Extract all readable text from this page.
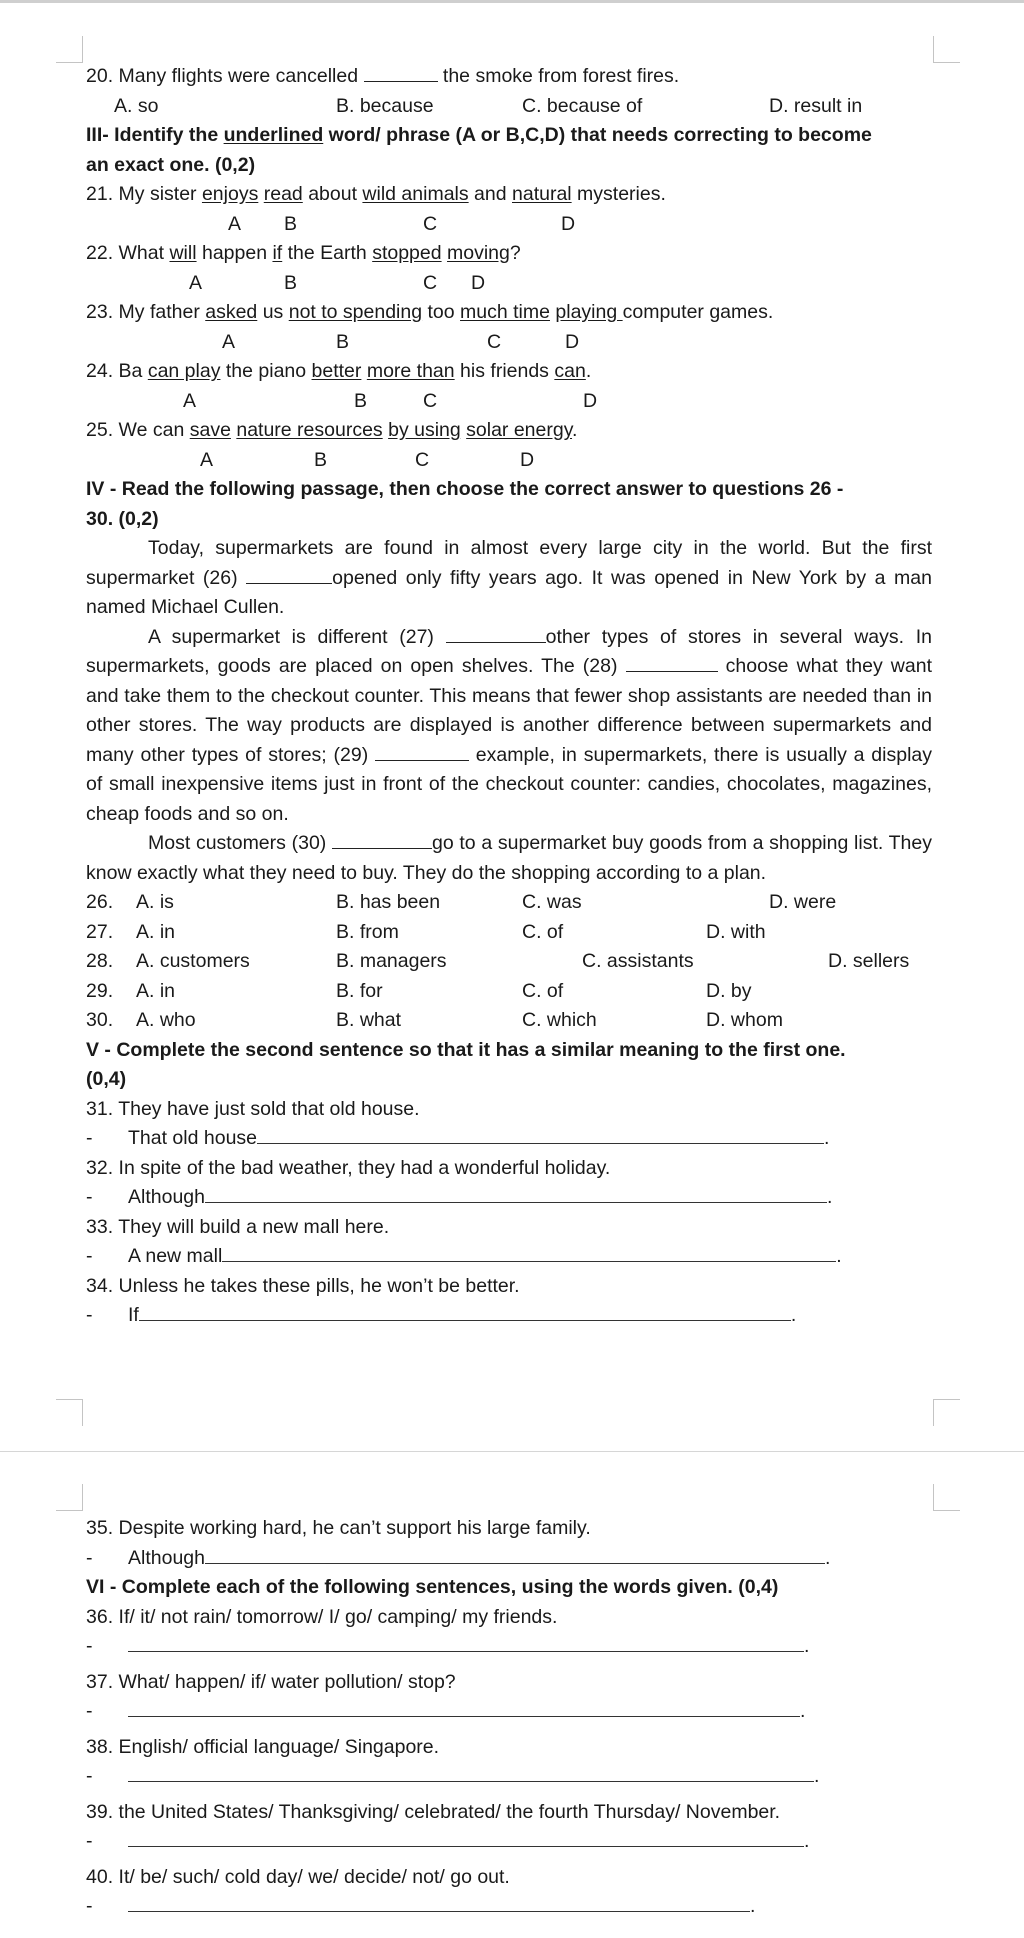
20. Many flights were cancelled	the smoke from forest fires.
A. so	B. because	C. because of	D. result in
III- Identify the underlined word/ phrase (A or B,C,D) that needs correcting to become
an exact one. (0,2)
21. My sister enjoys read about wild animals and natural mysteries.
A B	C	D
22. What will happen if the Earth stopped moving?
A	B	C D
23. My father asked us not to spending too much time playing computer games.
A	B	C	D
24. Ba can play the piano better more than his friends can.
A	B	C	D
25. We can save nature resources by using solar energy.
A	B	C	D
IV - Read the following passage, then choose the correct answer to questions 26 -
30. (0,2)
Today, supermarkets are found in almost every large city in the world. But the first supermarket (26)	opened only fifty years ago. It was opened in New York by a man named Michael Cullen.
A supermarket is different (27)	other types of stores in several ways. In supermarkets, goods are placed on open shelves. The (28)	choose what they want and take them to the checkout counter. This means that fewer shop assistants are needed than in other stores. The way products are displayed is another difference between supermarkets and many other types of stores; (29)	example, in supermarkets, there is usually a display of small inexpensive items just in front of the checkout counter: candies, chocolates, magazines, cheap foods and so on.
Most customers (30)	go to a supermarket buy goods from a shopping list. They know exactly what they need to buy. They do the shopping according to a plan.
26. A. is	B. has been	C. was	D. were
27. A. in	B. from	C. of	D. with
28. A. customers	B. managers	C. assistants	D. sellers
29. A. in	B. for	C. of	D. by
30. A. who	B. what	C. which	D. whom
V - Complete the second sentence so that it has a similar meaning to the first one.
(0,4)
31. They have just sold that old house.
- That old house	.
32. In spite of the bad weather, they had a wonderful holiday.
- Although	.
33. They will build a new mall here.
- A new mall	.
34. Unless he takes these pills, he won’t be better.
- If	.
35. Despite working hard, he can’t support his large family.
- Although	.
VI - Complete each of the following sentences, using the words given. (0,4)
36. If/ it/ not rain/ tomorrow/ I/ go/ camping/ my friends.
-	.
37. What/ happen/ if/ water pollution/ stop?
-	.
38. English/ official language/ Singapore.
-	.
39. the United States/ Thanksgiving/ celebrated/ the fourth Thursday/ November.
-	.
40. It/ be/ such/ cold day/ we/ decide/ not/ go out.
-	.
